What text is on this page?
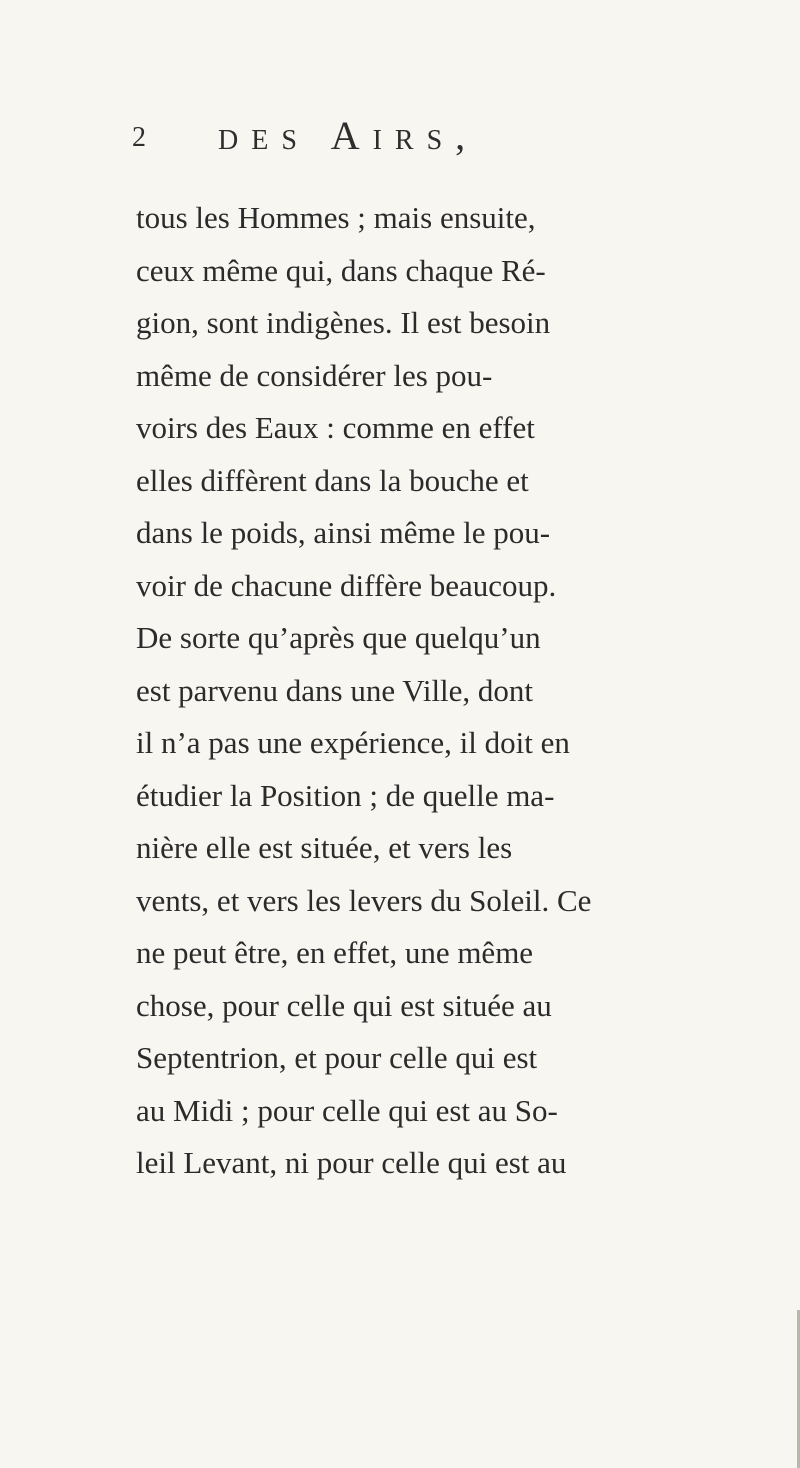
2 des Airs,
tous les Hommes ; mais ensuite,
ceux même qui, dans chaque Ré-
gion, sont indigènes. Il est besoin
même de considérer les pou-
voirs des Eaux : comme en effet
elles diffèrent dans la bouche et
dans le poids, ainsi même le pou-
voir de chacune diffère beaucoup.
De sorte qu’après que quelqu’un
est parvenu dans une Ville, dont
il n’a pas une expérience, il doit en
étudier la Position ; de quelle ma-
nière elle est située, et vers les
vents, et vers les levers du Soleil. Ce
ne peut être, en effet, une même
chose, pour celle qui est située au
Septentrion, et pour celle qui est
au Midi ; pour celle qui est au So-
leil Levant, ni pour celle qui est au
